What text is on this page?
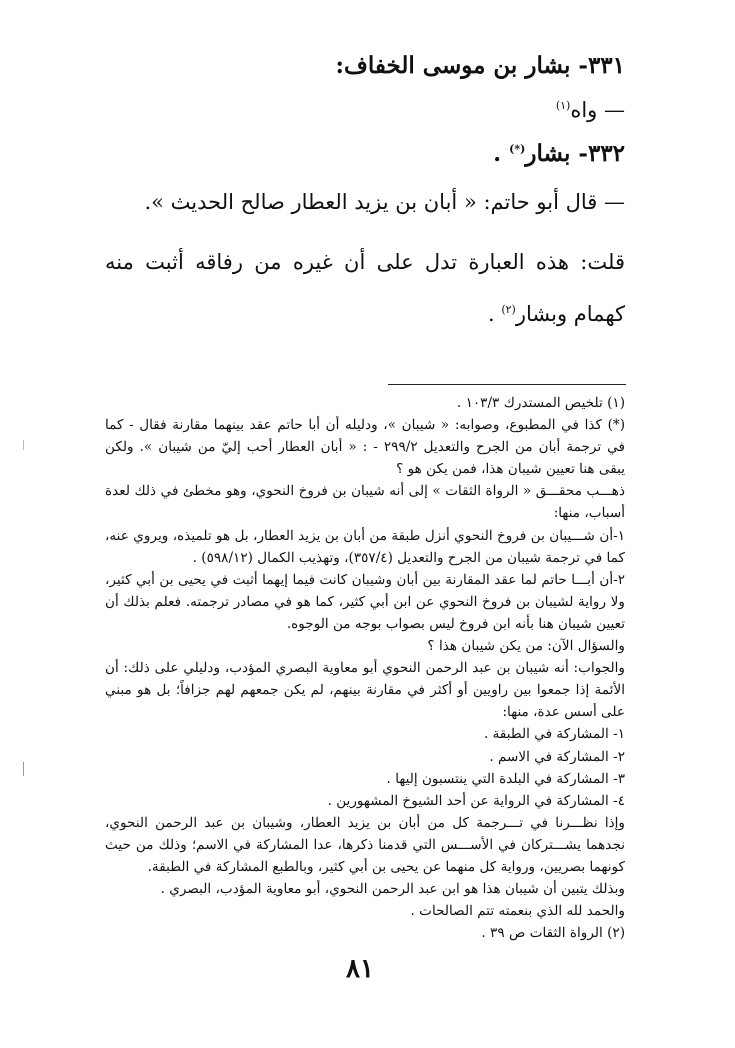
٣٣١- بشار بن موسى الخفاف:
— واه$^{(١)}$
٣٣٢- بشار(*) .
— قال أبو حاتم: « أبان بن يزيد العطار صالح الحديث ».
قلت: هذه العبارة تدل على أن غيره من رفاقه أثبت منه كهمام وبشار$^{(٢)}$ .

(١) تلخيص المستدرك ١٠٣/٣ .

(*) كذا في المطبوع، وصوابه: « شيبان »، ودليله أن أبا حاتم عقد بينهما مقارنة فقال - كما في ترجمة أبان من الجرح والتعديل ٢٩٩/٢ - : « أبان العطار أحب إليّ من شيبان ». ولكن يبقى هنا تعيين شيبان هذا، فمن يكن هو ؟

ذهـــب محقـــق « الرواة الثقات » إلى أنه شيبان بن فروخ النحوي، وهو مخطئ في ذلك لعدة أسباب، منها:

١-أن شـــيبان بن فروخ النحوي أنزل طبقة من أبان بن يزيد العطار، بل هو تلميذه، ويروي عنه، كما في ترجمة شيبان من الجرح والتعديل (٣٥٧/٤)، وتهذيب الكمال (٥٩٨/١٢) .

٢-أن أبـــا حاتم لما عقد المقارنة بين أبان وشيبان كانت فيما إيهما أثبت في يحيى بن أبي كثير، ولا رواية لشيبان بن فروخ النحوي عن ابن أبي كثير، كما هو في مصادر ترجمته. فعلم بذلك أن تعيين شيبان هنا بأنه ابن فروخ ليس بصواب بوجه من الوجوه.

والسؤال الآن: من يكن شيبان هذا ؟

والجواب: أنه شيبان بن عبد الرحمن النحوي أبو معاوية البصري المؤدب، ودليلي على ذلك: أن الأئمة إذا جمعوا بين راويين أو أكثر في مقارنة بينهم، لم يكن جمعهم لهم جزافاً؛ بل هو مبني على أسس عدة، منها:

١- المشاركة في الطبقة .

٢- المشاركة في الاسم .

٣- المشاركة في البلدة التي ينتسبون إليها .

٤- المشاركة في الرواية عن أحد الشيوخ المشهورين .

وإذا نظـــرنا في تـــرجمة كل من أبان بن يزيد العطار، وشيبان بن عبد الرحمن النحوي، نجدهما يشـــتركان في الأســـس التي قدمنا ذكرها، عدا المشاركة في الاسم؛ وذلك من حيث كونهما بصريين، ورواية كل منهما عن يحيى بن أبي كثير، وبالطبع المشاركة في الطبقة.

وبذلك يتبين أن شيبان هذا هو ابن عبد الرحمن النحوي، أبو معاوية المؤدب، البصري .

والحمد لله الذي بنعمته تتم الصالحات .

(٢) الرواة الثقات ص ٣٩ .

٨١
